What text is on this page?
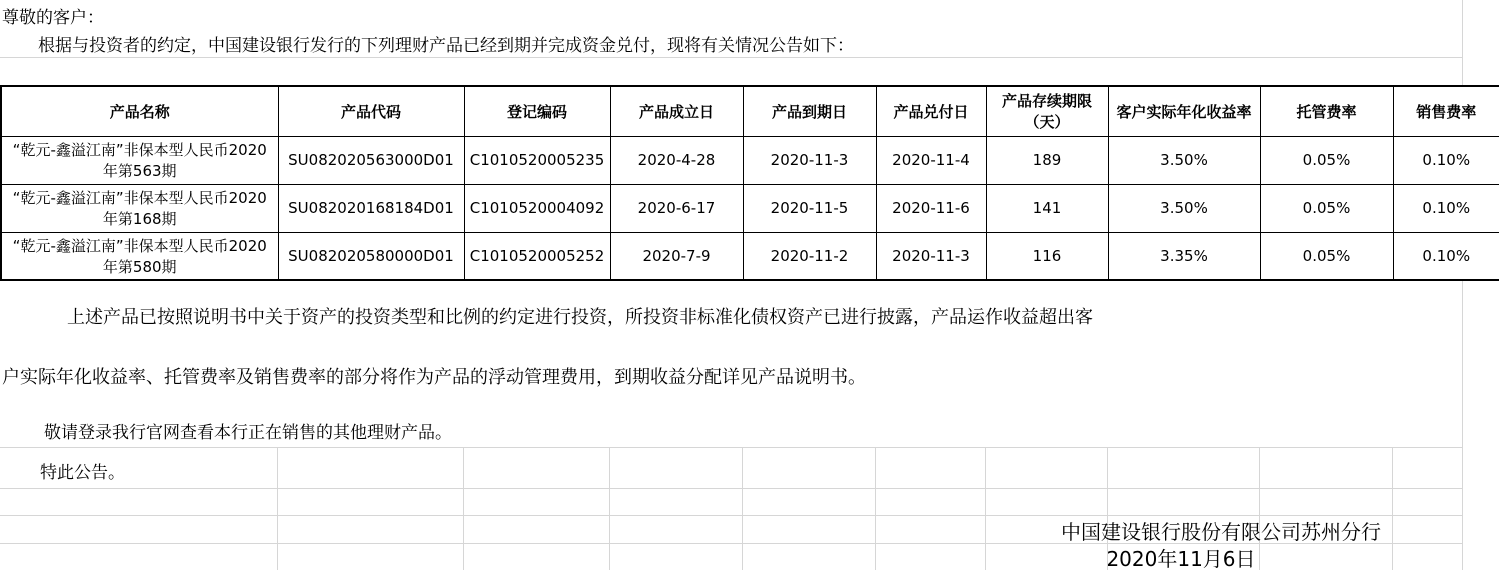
尊敬的客户：
根据与投资者的约定，中国建设银行发行的下列理财产品已经到期并完成资金兑付，现将有关情况公告如下：
产品名称	产品代码	登记编码	产品成立日	产品到期日	产品兑付日	产品存续期限（天）	客户实际年化收益率	托管费率	销售费率
“乾元-鑫溢江南”非保本型人民币2020年第563期	SU082020563000D01	C1010520005235	2020-4-28	2020-11-3	2020-11-4	189	3.50%	0.05%	0.10%
“乾元-鑫溢江南”非保本型人民币2020年第168期	SU082020168184D01	C1010520004092	2020-6-17	2020-11-5	2020-11-6	141	3.50%	0.05%	0.10%
“乾元-鑫溢江南”非保本型人民币2020年第580期	SU082020580000D01	C1010520005252	2020-7-9	2020-11-2	2020-11-3	116	3.35%	0.05%	0.10%
上述产品已按照说明书中关于资产的投资类型和比例的约定进行投资，所投资非标准化债权资产已进行披露，产品运作收益超出客
户实际年化收益率、托管费率及销售费率的部分将作为产品的浮动管理费用，到期收益分配详见产品说明书。
敬请登录我行官网查看本行正在销售的其他理财产品。
特此公告。
中国建设银行股份有限公司苏州分行
2020年11月6日
